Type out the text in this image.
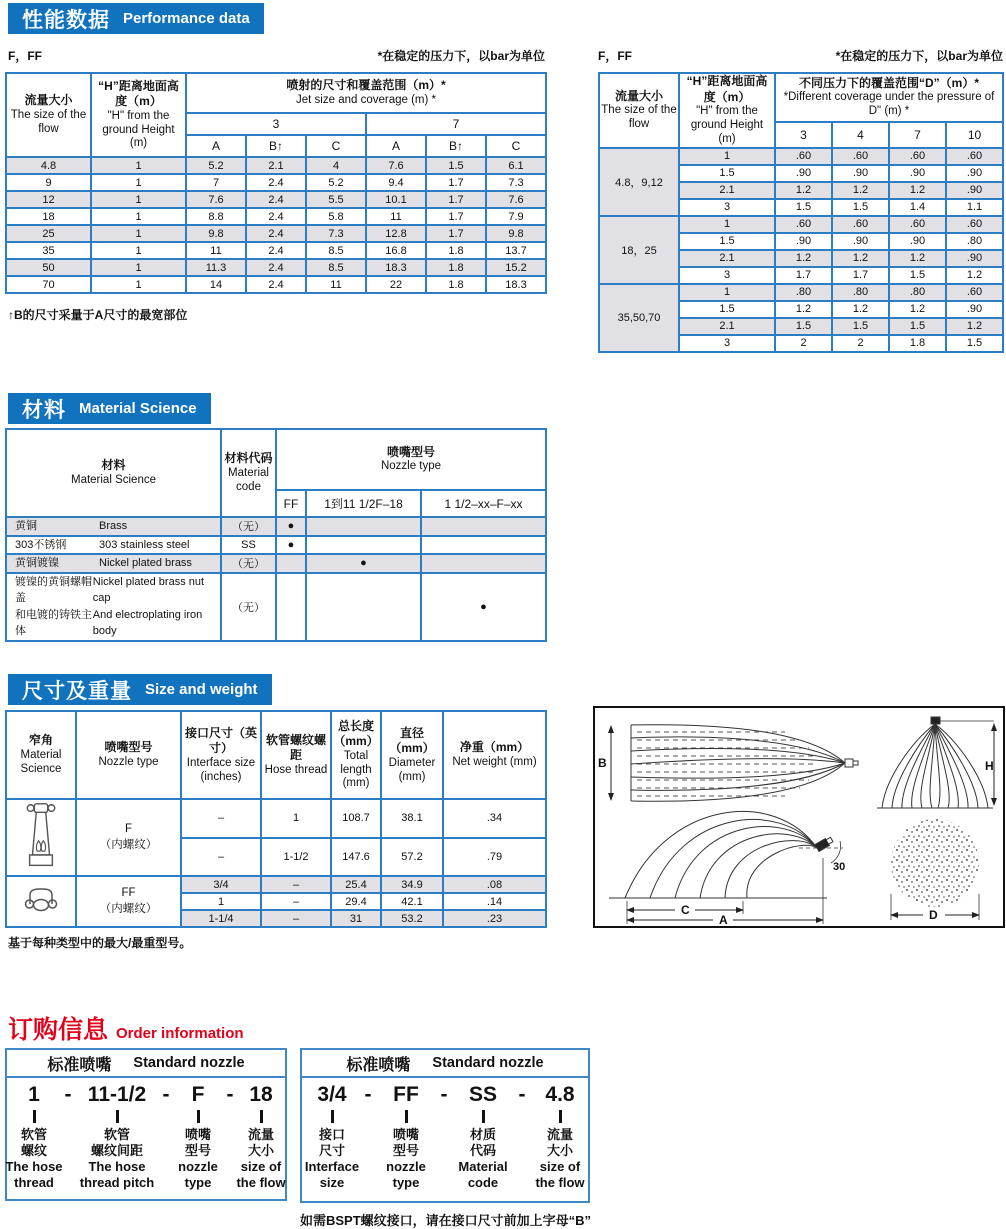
性能数据 Performance data
F，FF	*在稳定的压力下，以bar为单位
流量大小
The size of the flow

“H”距离地面高度（m）
"H" from the ground Height (m)

喷射的尺寸和覆盖范围（m）*
Jet size and coverage (m) *

		3			7		
		A	B↑	C	A	B↑	C
4.8	1	5.2	2.1	4	7.6	1.5	6.1
9	1	7	2.4	5.2	9.4	1.7	7.3
12	1	7.6	2.4	5.5	10.1	1.7	7.6
18	1	8.8	2.4	5.8	11	1.7	7.9
25	1	9.8	2.4	7.3	12.8	1.7	9.8
35	1	11	2.4	8.5	16.8	1.8	13.7
50	1	11.3	2.4	8.5	18.3	1.8	15.2
70	1	14	2.4	11	22	1.8	18.3
↑B的尺寸采量于A尺寸的最宽部位
F，FF	*在稳定的压力下，以bar为单位
流量大小
The size of the flow

“H”距离地面高度（m）
"H" from the ground Height (m)

不同压力下的覆盖范围“D”（m）*
*Different coverage under the pressure of D" (m) *

		3	4	7	10
4.8，9,12	1	.60	.60	.60	.60
	1.5	.90	.90	.90	.90
	2.1	1.2	1.2	1.2	.90
	3	1.5	1.5	1.4	1.1
18，25	1	.60	.60	.60	.60
	1.5	.90	.90	.90	.80
	2.1	1.2	1.2	1.2	.90
	3	1.7	1.7	1.5	1.2
35,50,70	1	.80	.80	.80	.60
	1.5	1.2	1.2	1.2	.90
	2.1	1.5	1.5	1.5	1.2
	3	2	2	1.8	1.5
材料 Material Science
材料
Material Science

材料代码
Material code

喷嘴型号
Nozzle type

		FF	1到11 1/2F–18	1 1/2–xx–F–xx

黄铜 Brass	（无）	●		

303不锈钢 303 stainless steel	SS	●		

黄铜镀镍 Nickel plated brass	（无）		●	

镀镍的黄铜螺帽盖
和电镀的铸铁主体
Nickel plated brass nut cap
And electroplating iron body	（无）			●
尺寸及重量 Size and weight
窄角
Material Science

喷嘴型号
Nozzle type

接口尺寸（英寸）
Interface size (inches)

软管螺纹螺距
Hose thread

总长度（mm）
Total length (mm)

直径（mm）
Diameter (mm)

净重（mm）
Net weight (mm)

F
（内螺纹）	–	1	108.7	38.1	.34
		–	1-1/2	147.6	57.2	.79

FF
（内螺纹）	3/4	–	25.4	34.9	.08
		1	–	29.4	42.1	.14
		1-1/4	–	31	53.2	.23
基于每种类型中的最大/最重型号。
B	H
30
C
A	D
订购信息 Order information
标准喷嘴 Standard nozzle
1 - 11-1/2 - F - 18
软管
螺纹
The hose
thread
软管
螺纹间距
The hose
thread pitch
喷嘴
型号
nozzle
type
流量
大小
size of
the flow
标准喷嘴 Standard nozzle
3/4 - FF - SS - 4.8
接口
尺寸
Interface
size
喷嘴
型号
nozzle
type
材质
代码
Material
code
流量
大小
size of
the flow
如需BSPT螺纹接口，请在接口尺寸前加上字母“B”
